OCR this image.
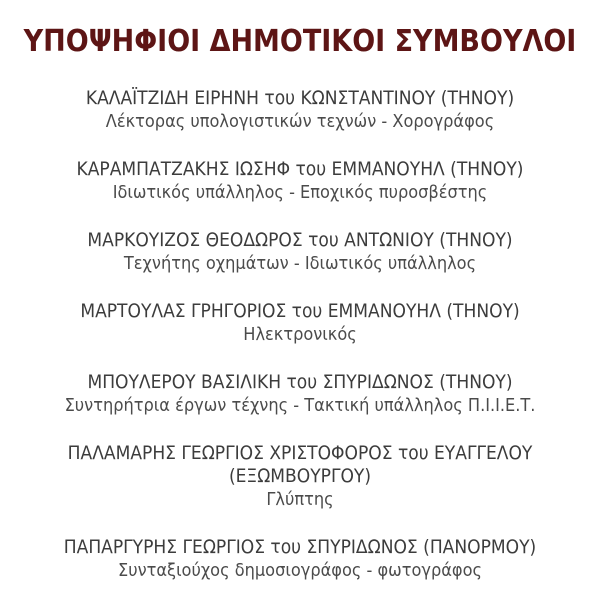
ΥΠΟΨΗΦΙΟΙ ΔΗΜΟΤΙΚΟΙ ΣΥΜΒΟΥΛΟΙ
ΚΑΛΑΪΤΖΙΔΗ ΕΙΡΗΝΗ του ΚΩΝΣΤΑΝΤΙΝΟΥ (ΤΗΝΟΥ)
Λέκτορας υπολογιστικών τεχνών - Χορογράφος
ΚΑΡΑΜΠΑΤΖΑΚΗΣ ΙΩΣΗΦ του ΕΜΜΑΝΟΥΗΛ (ΤΗΝΟΥ)
Ιδιωτικός υπάλληλος - Εποχικός πυροσβέστης
ΜΑΡΚΟΥΙΖΟΣ ΘΕΟΔΩΡΟΣ του ΑΝΤΩΝΙΟΥ (ΤΗΝΟΥ)
Τεχνήτης οχημάτων - Ιδιωτικός υπάλληλος
ΜΑΡΤΟΥΛΑΣ ΓΡΗΓΟΡΙΟΣ του ΕΜΜΑΝΟΥΗΛ (ΤΗΝΟΥ)
Ηλεκτρονικός
ΜΠΟΥΛΕΡΟΥ ΒΑΣΙΛΙΚΗ του ΣΠΥΡΙΔΩΝΟΣ (ΤΗΝΟΥ)
Συντηρήτρια έργων τέχνης - Τακτική υπάλληλος Π.Ι.Ι.Ε.Τ.
ΠΑΛΑΜΑΡΗΣ ΓΕΩΡΓΙΟΣ ΧΡΙΣΤΟΦΟΡΟΣ του ΕΥΑΓΓΕΛΟΥ (ΕΞΩΜΒΟΥΡΓΟΥ)
Γλύπτης
ΠΑΠΑΡΓΥΡΗΣ ΓΕΩΡΓΙΟΣ του ΣΠΥΡΙΔΩΝΟΣ (ΠΑΝΟΡΜΟΥ)
Συνταξιούχος δημοσιογράφος - φωτογράφος
